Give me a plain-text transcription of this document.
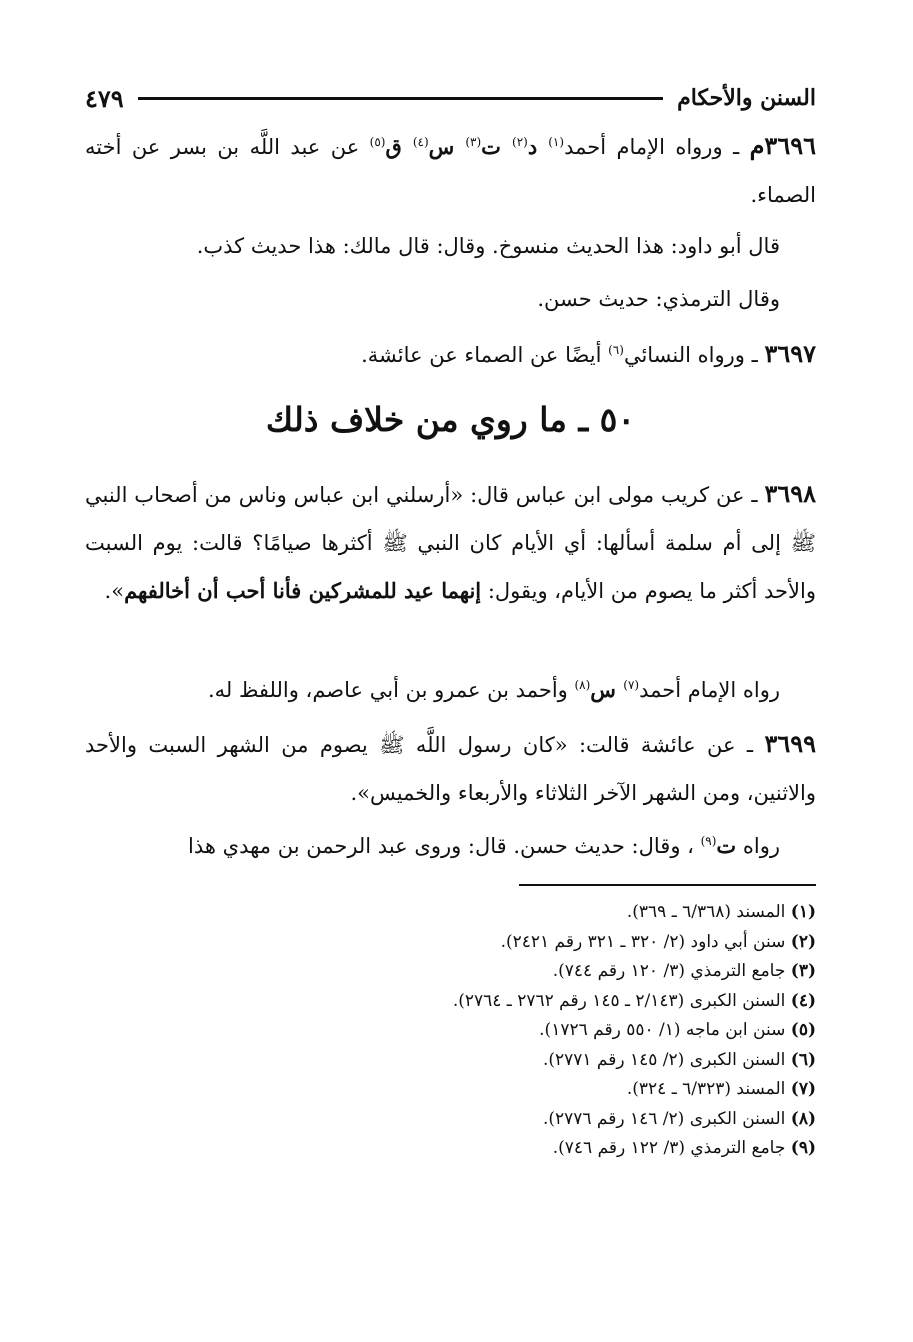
السنن والأحكام
٤٧٩

٣٦٩٦م ـ ورواه الإمام أحمد$^{(١)}$ د$^{(٢)}$ ت$^{(٣)}$ س$^{(٤)}$ ق$^{(٥)}$ عن عبد اللَّه بن بسر عن أخته الصماء.

قال أبو داود: هذا الحديث منسوخ. وقال: قال مالك: هذا حديث كذب.

وقال الترمذي: حديث حسن.

٣٦٩٧ ـ ورواه النسائي$^{(٦)}$ أيضًا عن الصماء عن عائشة.

٥٠ ـ ما روي من خلاف ذلك

٣٦٩٨ ـ عن كريب مولى ابن عباس قال: «أرسلني ابن عباس وناس من أصحاب النبي ﷺ إلى أم سلمة أسألها: أي الأيام كان النبي ﷺ أكثرها صيامًا؟ قالت: يوم السبت والأحد أكثر ما يصوم من الأيام، ويقول: إنهما عيد للمشركين فأنا أحب أن أخالفهم».

رواه الإمام أحمد$^{(٧)}$ س$^{(٨)}$ وأحمد بن عمرو بن أبي عاصم، واللفظ له.

٣٦٩٩ ـ عن عائشة قالت: «كان رسول اللَّه ﷺ يصوم من الشهر السبت والأحد والاثنين، ومن الشهر الآخر الثلاثاء والأربعاء والخميس».

رواه ت$^{(٩)}$ ، وقال: حديث حسن. قال: وروى عبد الرحمن بن مهدي هذا

(١) المسند (٦/٣٦٨ ـ ٣٦٩).
(٢) سنن أبي داود (٢/ ٣٢٠ ـ ٣٢١ رقم ٢٤٢١).
(٣) جامع الترمذي (٣/ ١٢٠ رقم ٧٤٤).
(٤) السنن الكبرى (٢/١٤٣ ـ ١٤٥ رقم ٢٧٦٢ ـ ٢٧٦٤).
(٥) سنن ابن ماجه (١/ ٥٥٠ رقم ١٧٢٦).
(٦) السنن الكبرى (٢/ ١٤٥ رقم ٢٧٧١).
(٧) المسند (٦/٣٢٣ ـ ٣٢٤).
(٨) السنن الكبرى (٢/ ١٤٦ رقم ٢٧٧٦).
(٩) جامع الترمذي (٣/ ١٢٢ رقم ٧٤٦).
